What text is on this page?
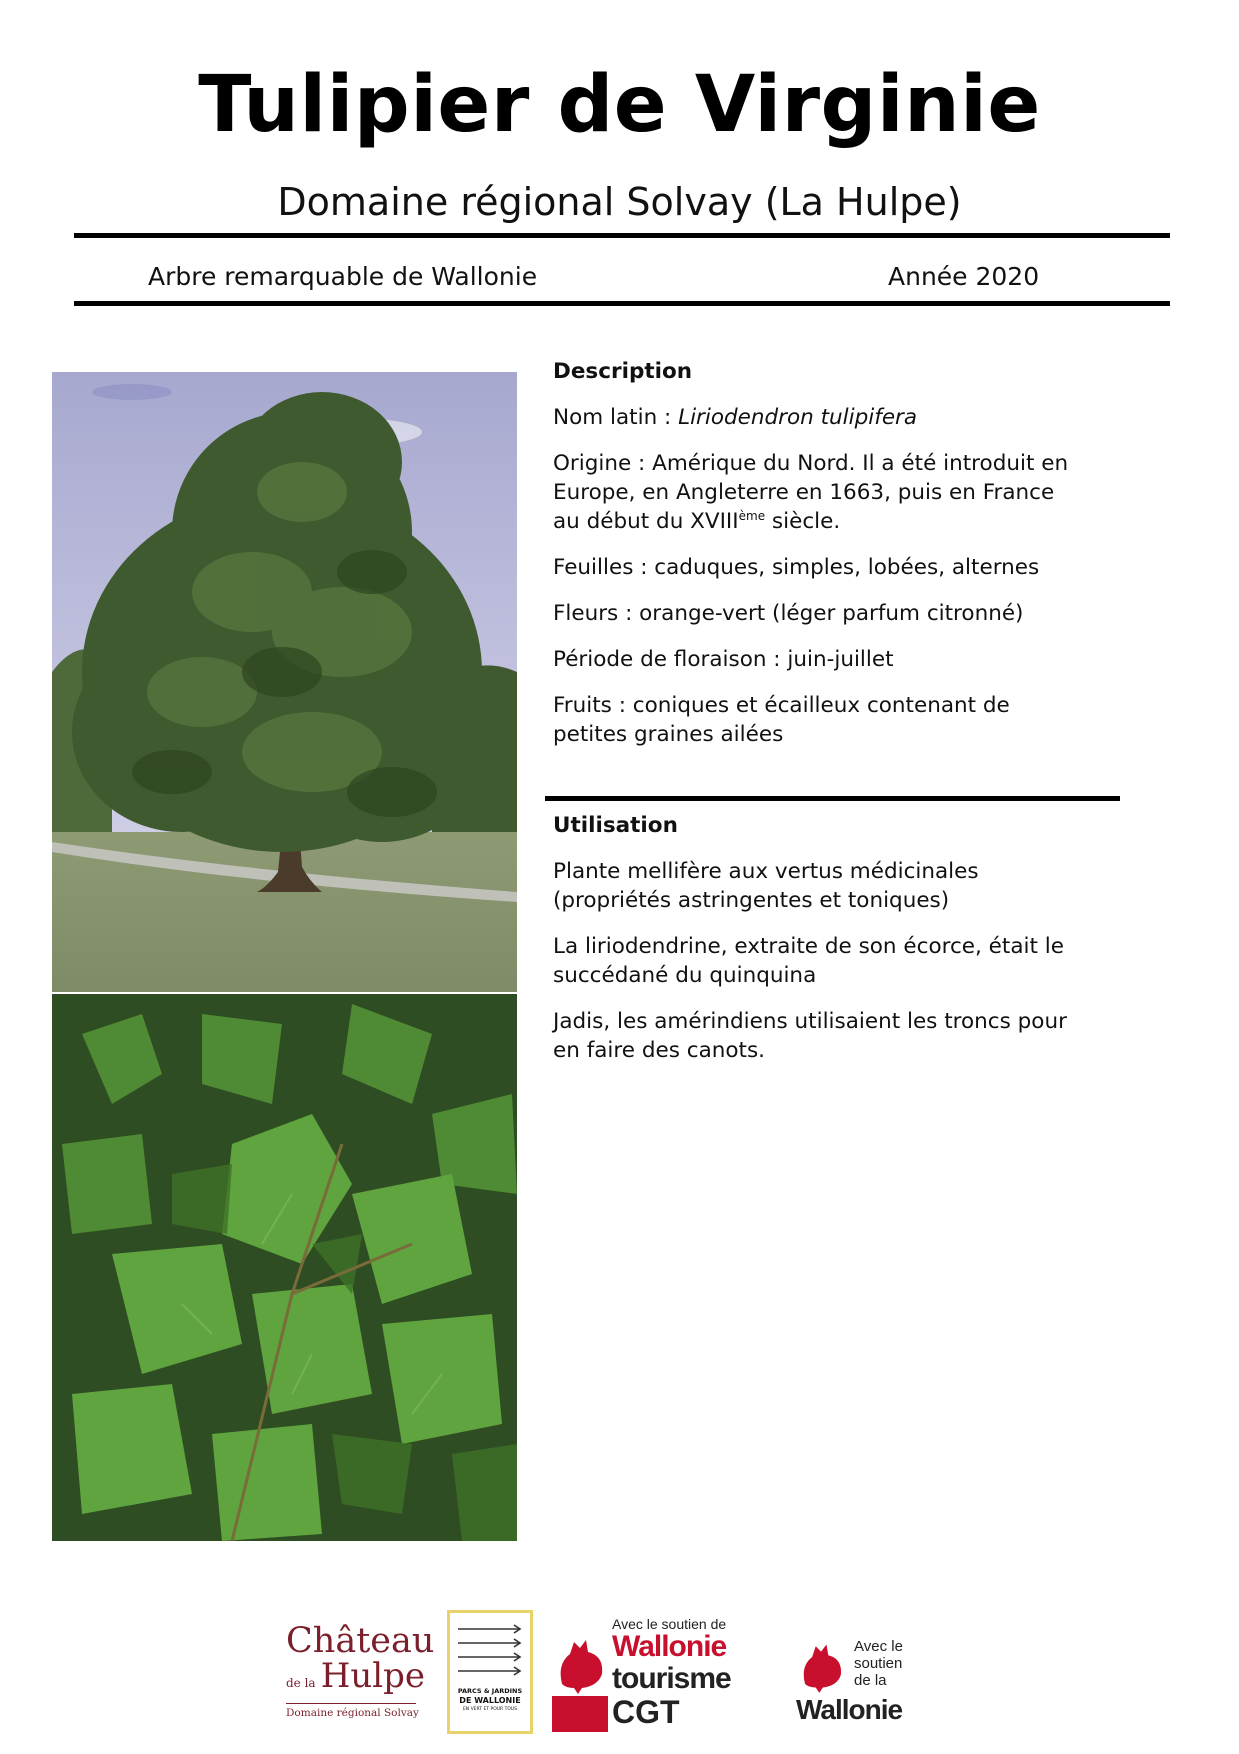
Tulipier de Virginie
Domaine régional Solvay (La Hulpe)
Arbre remarquable de Wallonie	Année 2020
Description

Nom latin : Liriodendron tulipifera

Origine : Amérique du Nord. Il a été introduit en Europe, en Angleterre en 1663, puis en France au début du XVIIIème siècle.

Feuilles : caduques, simples, lobées, alternes

Fleurs : orange-vert (léger parfum citronné)

Période de floraison : juin-juillet

Fruits : coniques et écailleux contenant de petites graines ailées

Utilisation

Plante mellifère aux vertus médicinales (propriétés astringentes et toniques)

La liriodendrine, extraite de son écorce, était le succédané du quinquina

Jadis, les amérindiens utilisaient les troncs pour en faire des canots.

Château
de la Hulpe
Domaine régional Solvay
PARCS & JARDINS
DE WALLONIE
EN VERT ET POUR TOUS
Avec le soutien de
Wallonie
tourisme
CGT
Avec le
soutien
de la
Wallonie
